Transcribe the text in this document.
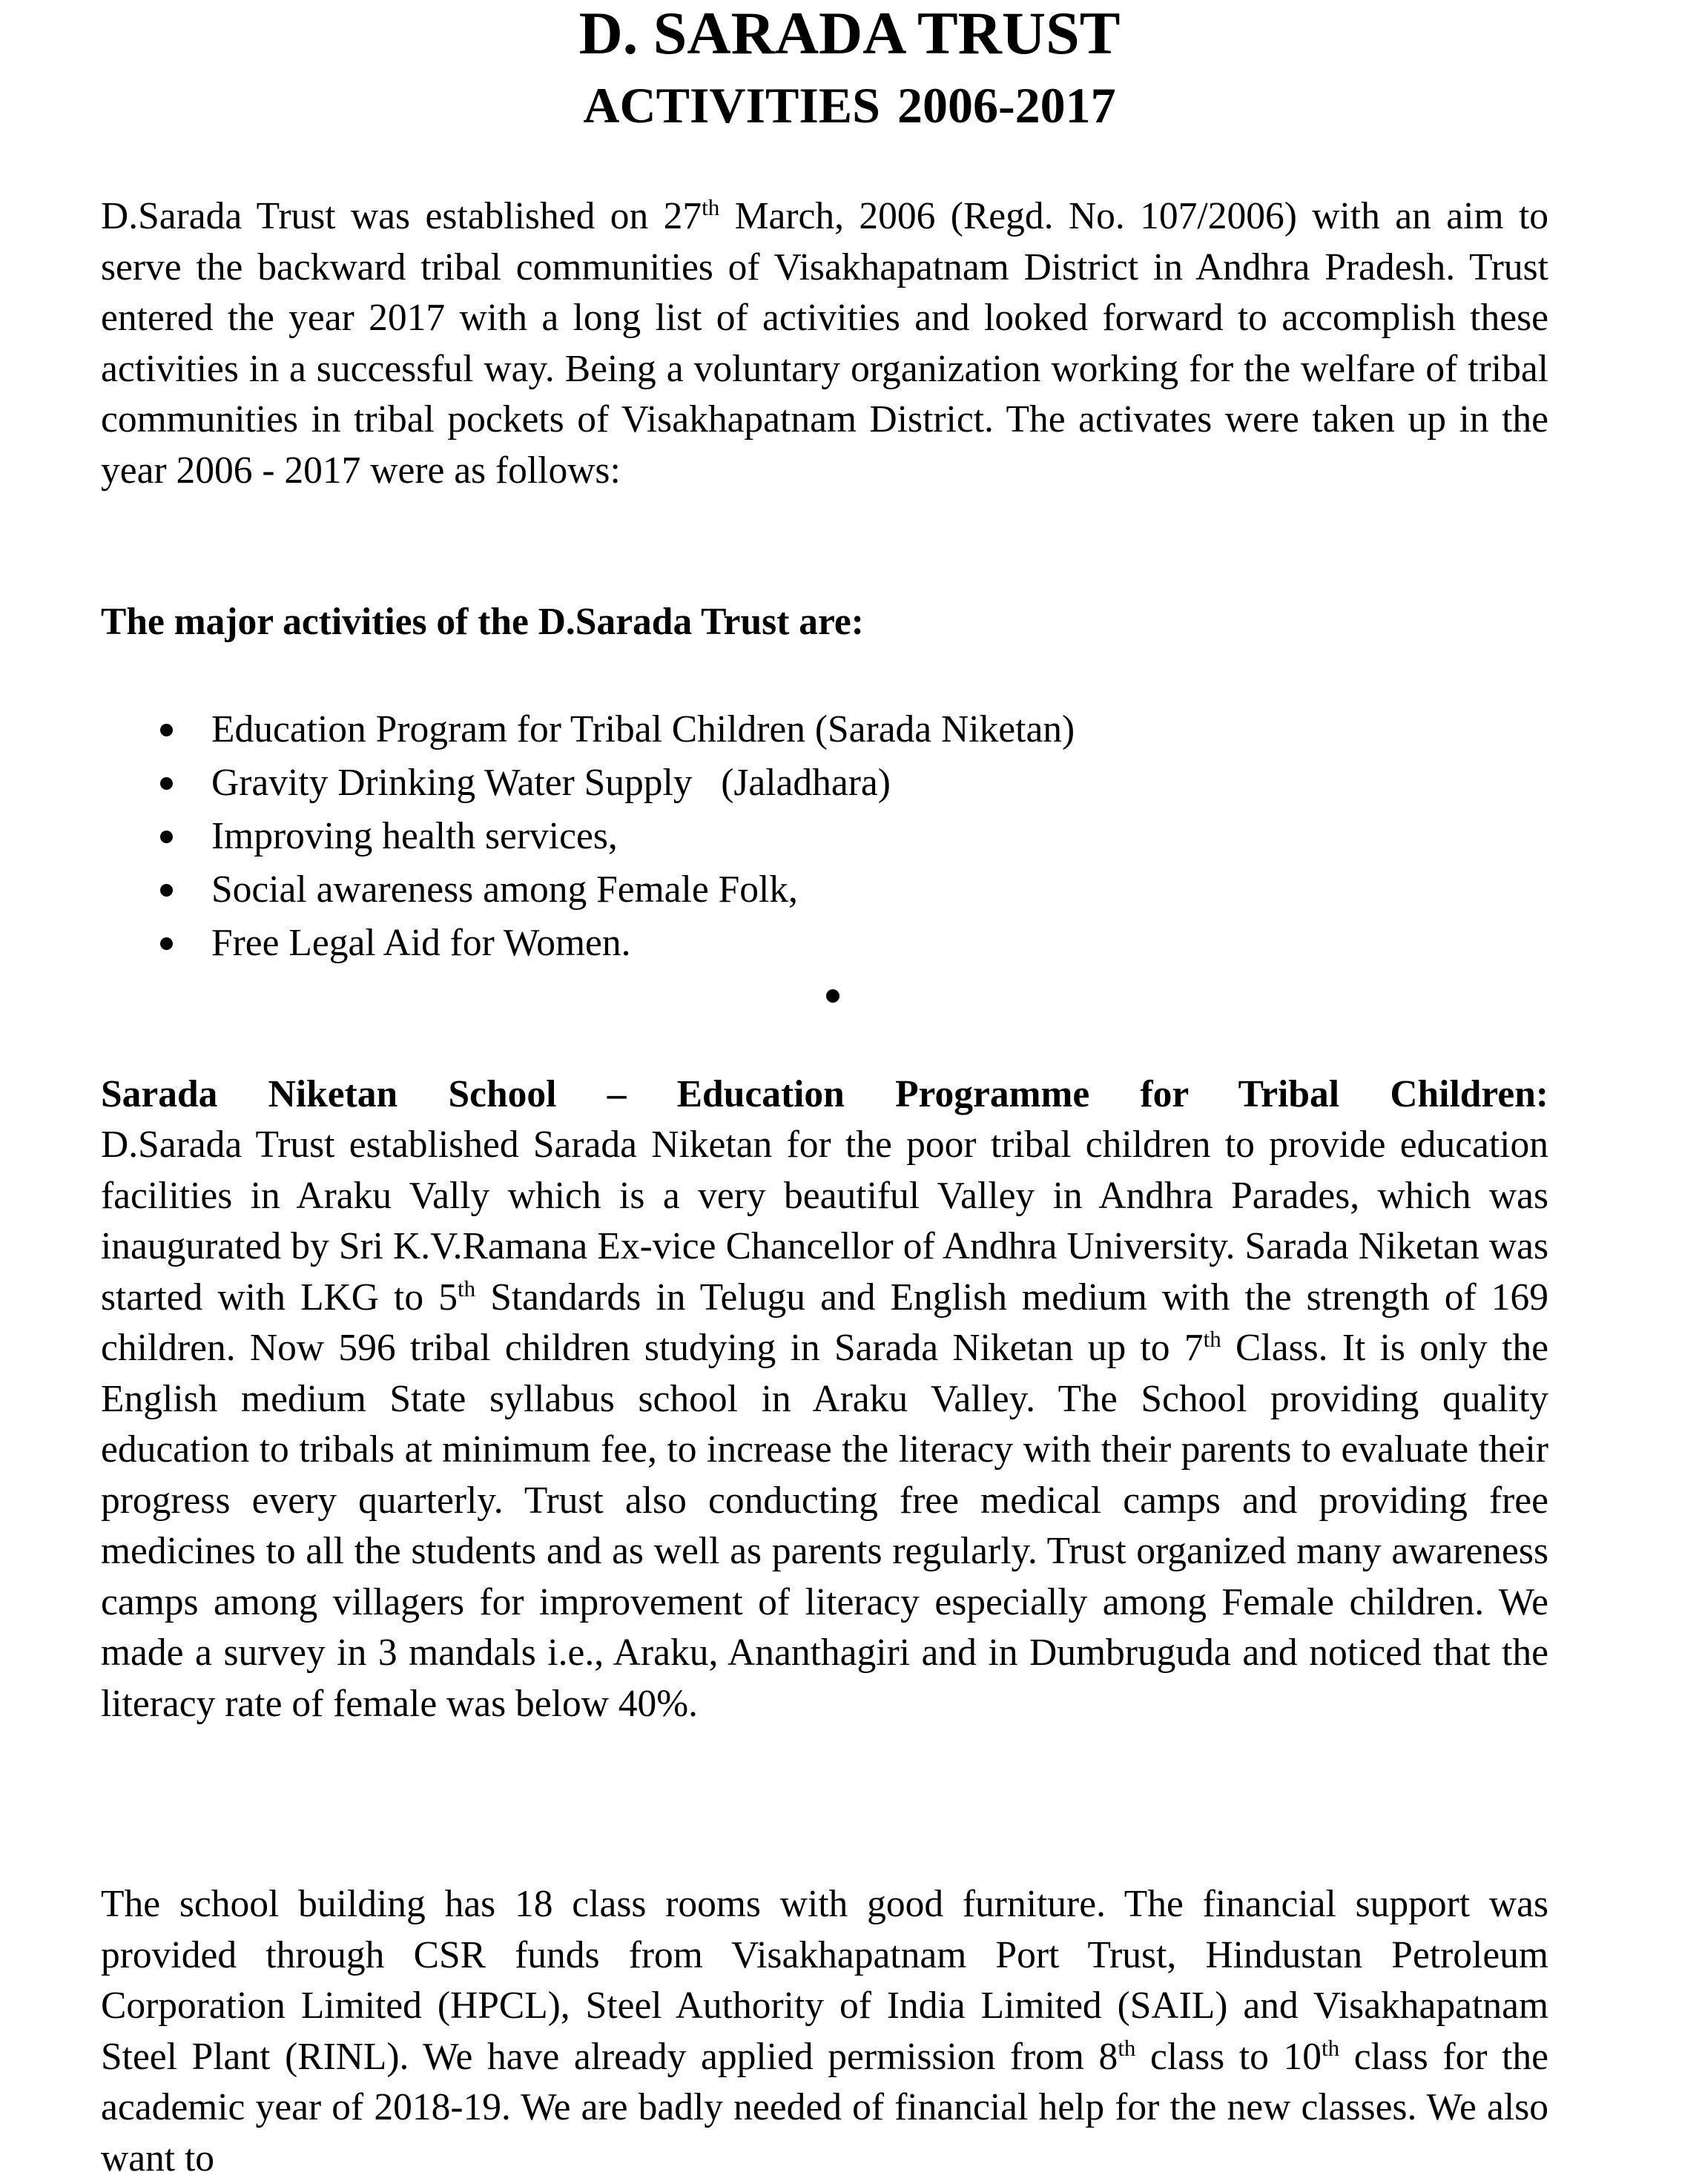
D. SARADA TRUST
ACTIVITIES 2006-2017

D.Sarada Trust was established on 27th March, 2006 (Regd. No. 107/2006) with an aim to serve the backward tribal communities of Visakhapatnam District in Andhra Pradesh. Trust entered the year 2017 with a long list of activities and looked forward to accomplish these activities in a successful way. Being a voluntary organization working for the welfare of tribal communities in tribal pockets of Visakhapatnam District. The activates were taken up in the year 2006 - 2017 were as follows:

The major activities of the D.Sarada Trust are:

Education Program for Tribal Children (Sarada Niketan)
Gravity Drinking Water Supply   (Jaladhara)
Improving health services,
Social awareness among Female Folk,
Free Legal Aid for Women.

Sarada Niketan School – Education Programme for Tribal Children:

D.Sarada Trust established Sarada Niketan for the poor tribal children to provide education facilities in Araku Vally which is a very beautiful Valley in Andhra Parades, which was inaugurated by Sri K.V.Ramana Ex-vice Chancellor of Andhra University. Sarada Niketan was started with LKG to 5th Standards in Telugu and English medium with the strength of 169 children. Now 596 tribal children studying in Sarada Niketan up to 7th Class. It is only the English medium State syllabus school in Araku Valley. The School providing quality education to tribals at minimum fee, to increase the literacy with their parents to evaluate their progress every quarterly. Trust also conducting free medical camps and providing free medicines to all the students and as well as parents regularly. Trust organized many awareness camps among villagers for improvement of literacy especially among Female children. We made a survey in 3 mandals i.e., Araku, Ananthagiri and in Dumbruguda and noticed that the literacy rate of female was below 40%.

The school building has 18 class rooms with good furniture. The financial support was provided through CSR funds from Visakhapatnam Port Trust, Hindustan Petroleum Corporation Limited (HPCL), Steel Authority of India Limited (SAIL) and Visakhapatnam Steel Plant (RINL). We have already applied permission from 8th class to 10th class for the academic year of 2018-19. We are badly needed of financial help for the new classes. We also want to
